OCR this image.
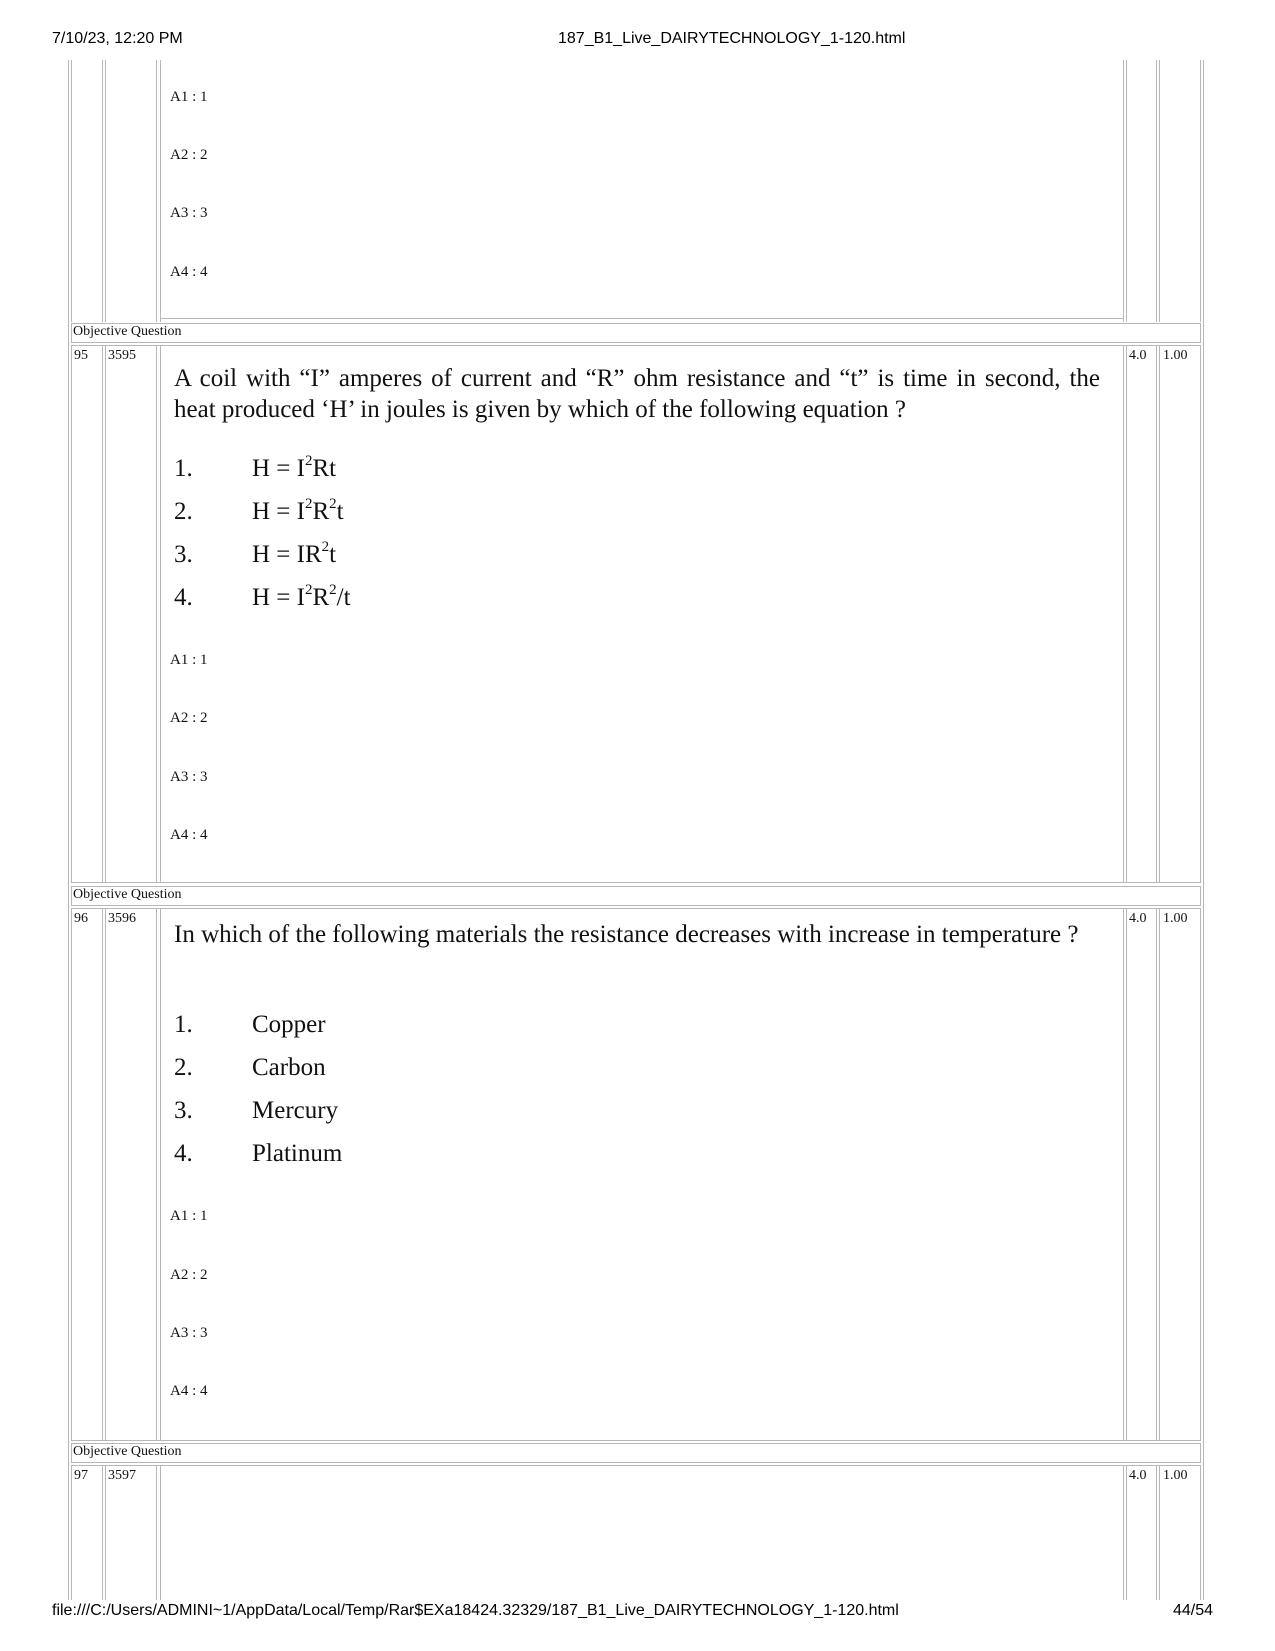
7/10/23, 12:20 PM	187_B1_Live_DAIRYTECHNOLOGY_1-120.html
A1 : 1
A2 : 2
A3 : 3
A4 : 4
Objective Question
95 3595	4.0 1.00
A coil with “I” amperes of current and “R” ohm resistance and “t” is time in second, the heat produced ‘H’ in joules is given by which of the following equation ?
1. $H = I^2Rt$
2. $H = I^2R^2t$
3. $H = IR^2t$
4. $H = I^2R^2/t$
A1 : 1
A2 : 2
A3 : 3
A4 : 4
Objective Question
96 3596	4.0 1.00
In which of the following materials the resistance decreases with increase in temperature ?
1. Copper
2. Carbon
3. Mercury
4. Platinum
A1 : 1
A2 : 2
A3 : 3
A4 : 4
Objective Question
97 3597	4.0 1.00
file:///C:/Users/ADMINI~1/AppData/Local/Temp/Rar$EXa18424.32329/187_B1_Live_DAIRYTECHNOLOGY_1-120.html	44/54
